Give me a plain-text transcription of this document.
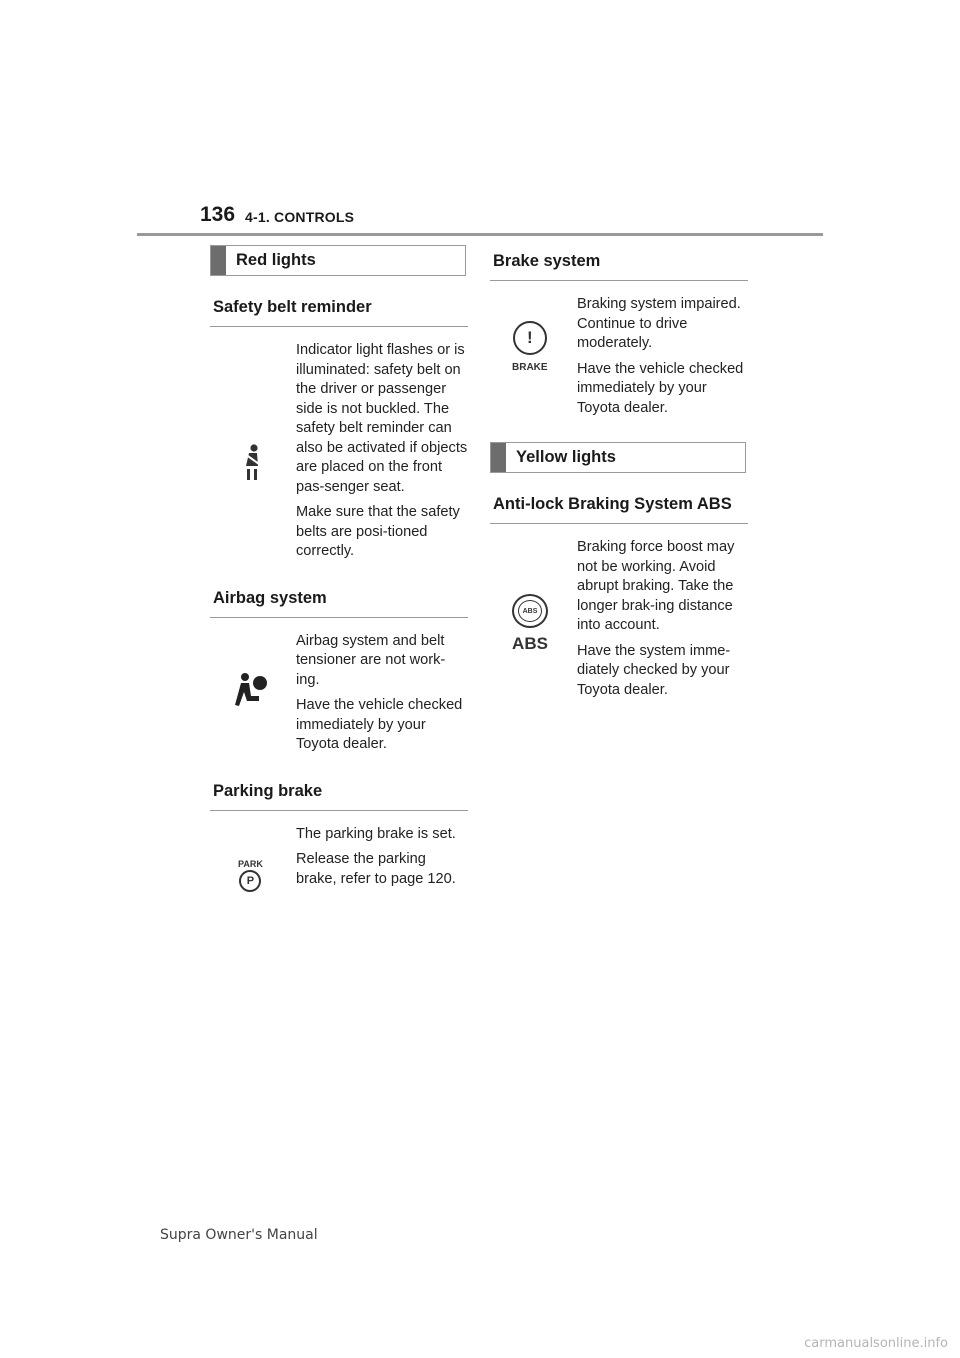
136 4-1. CONTROLS
Red lights
Safety belt reminder

Indicator light flashes or is illuminated: safety belt on the driver or passenger side is not buckled. The safety belt reminder can also be activated if objects are placed on the front pas-senger seat.

Make sure that the safety belts are posi-tioned correctly.

Airbag system

Airbag system and belt tensioner are not work-ing.

Have the vehicle checked immediately by your Toyota dealer.

Parking brake
PARK
P

The parking brake is set.

Release the parking brake, refer to page 120.

Brake system
!
BRAKE

Braking system impaired. Continue to drive moderately.

Have the vehicle checked immediately by your Toyota dealer.

Yellow lights
Anti-lock Braking System ABS
ABS
ABS

Braking force boost may not be working. Avoid abrupt braking. Take the longer brak-ing distance into account.

Have the system imme-diately checked by your Toyota dealer.

Supra Owner's Manual
carmanualsonline.info
